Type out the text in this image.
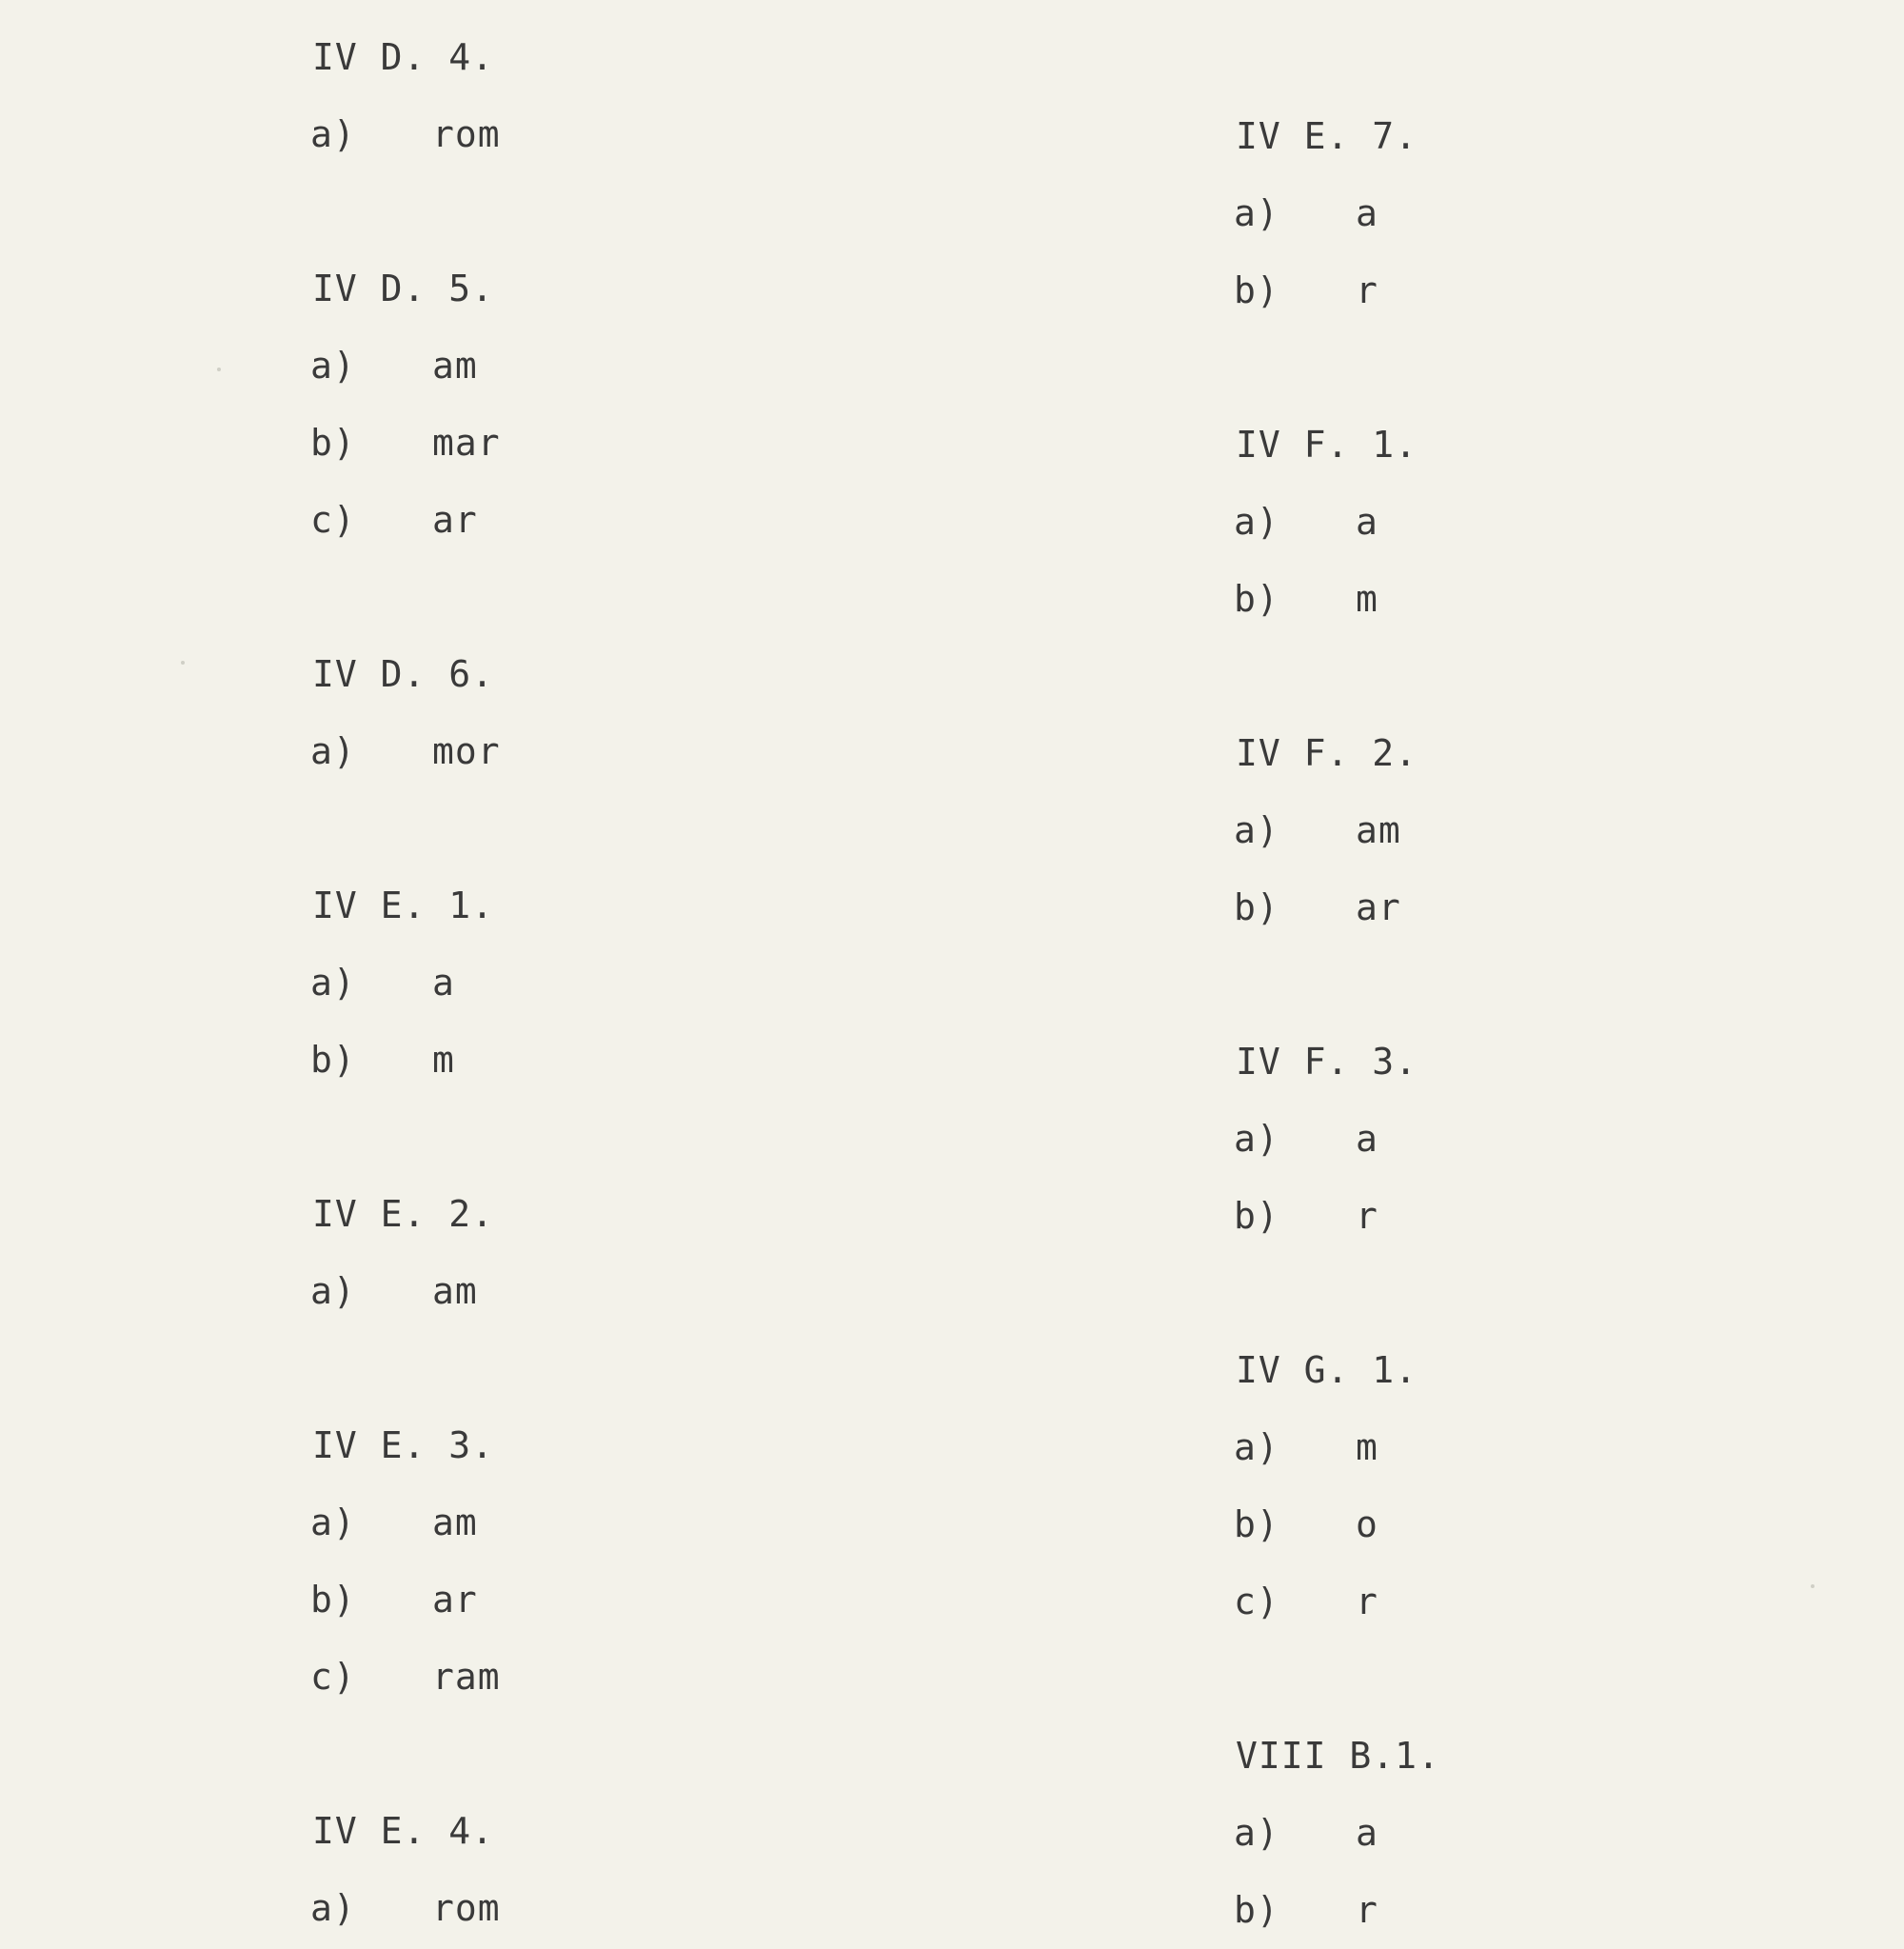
IV D. 4.
a) rom
IV D. 5.
a) am
b) mar
c) ar
IV D. 6.
a) mor
IV E. 1.
a) a
b) m
IV E. 2.
a) am
IV E. 3.
a) am
b) ar
c) ram
IV E. 4.
a) rom
IV E. 7.
a) a
b) r
IV F. 1.
a) a
b) m
IV F. 2.
a) am
b) ar
IV F. 3.
a) a
b) r
IV G. 1.
a) m
b) o
c) r
VIII B.1.
a) a
b) r
